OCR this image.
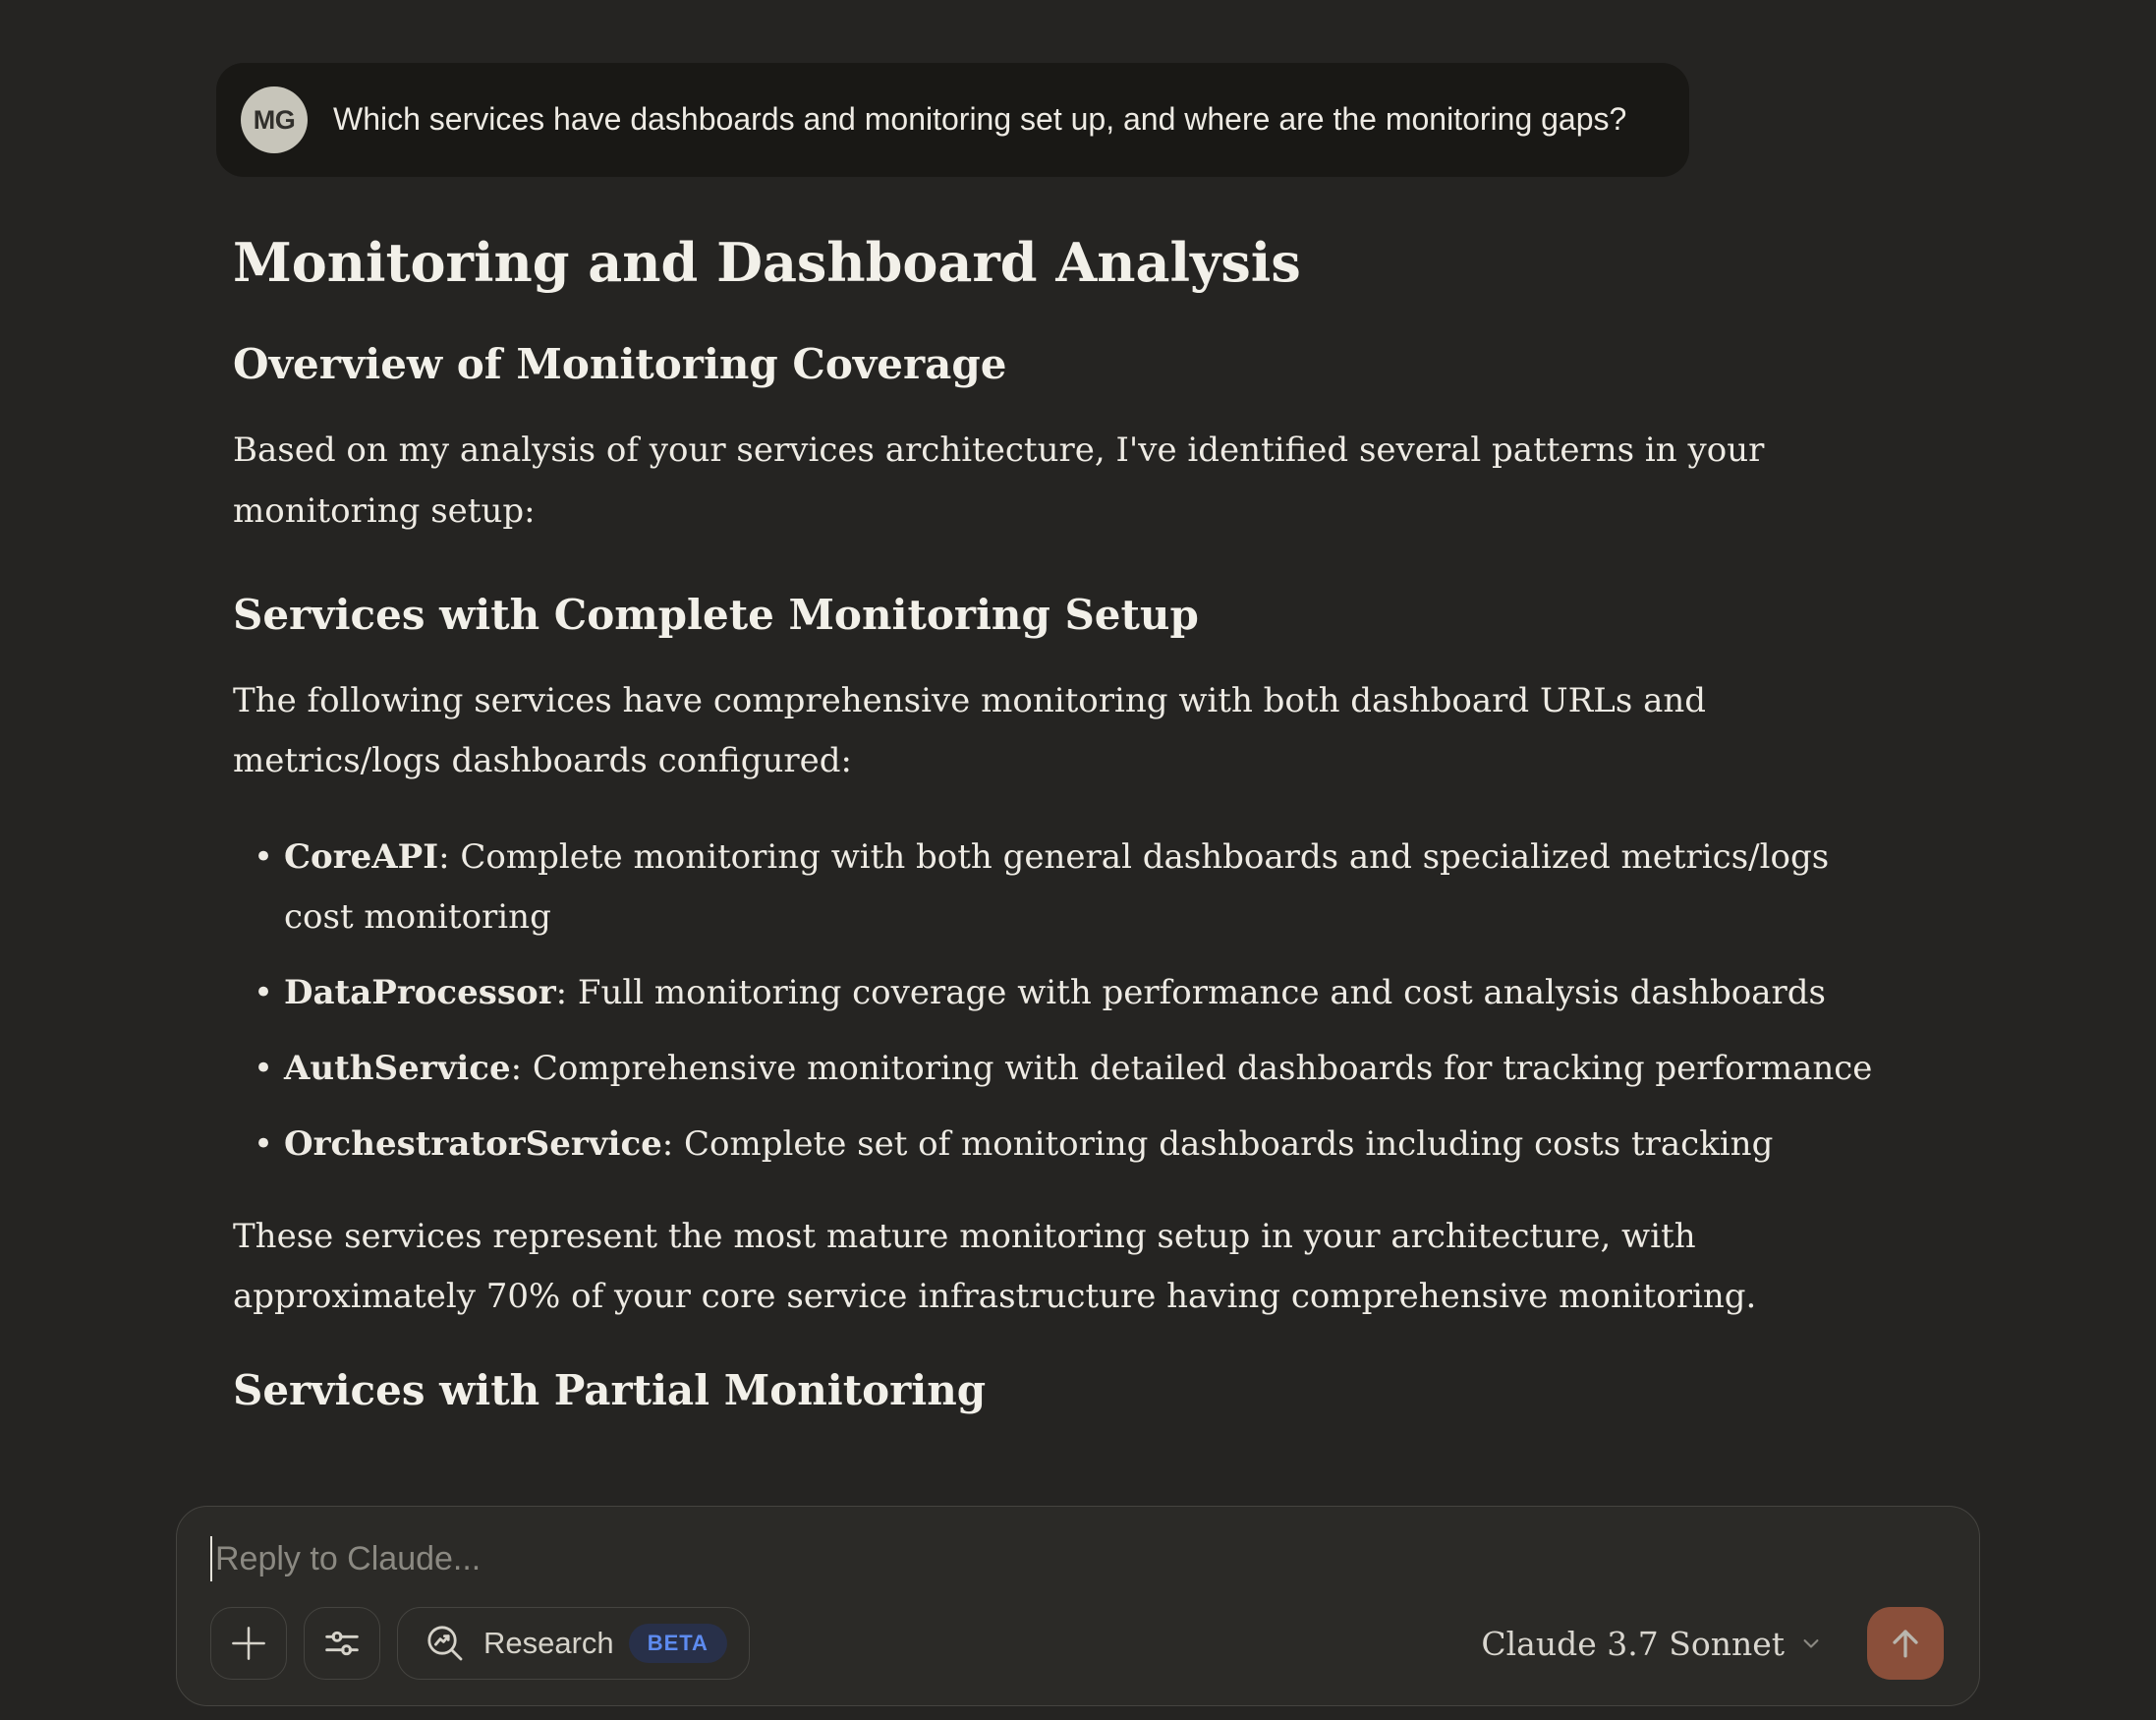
MG	Which services have dashboards and monitoring set up, and where are the monitoring gaps?
Monitoring and Dashboard Analysis
Overview of Monitoring Coverage

Based on my analysis of your services architecture, I've identified several patterns in your monitoring setup:

Services with Complete Monitoring Setup

The following services have comprehensive monitoring with both dashboard URLs and metrics/logs dashboards configured:

• CoreAPI: Complete monitoring with both general dashboards and specialized metrics/logs cost monitoring
• DataProcessor: Full monitoring coverage with performance and cost analysis dashboards
• AuthService: Comprehensive monitoring with detailed dashboards for tracking performance
• OrchestratorService: Complete set of monitoring dashboards including costs tracking

These services represent the most mature monitoring setup in your architecture, with approximately 70% of your core service infrastructure having comprehensive monitoring.

Services with Partial Monitoring
Reply to Claude...
Research	BETA	Claude 3.7 Sonnet
